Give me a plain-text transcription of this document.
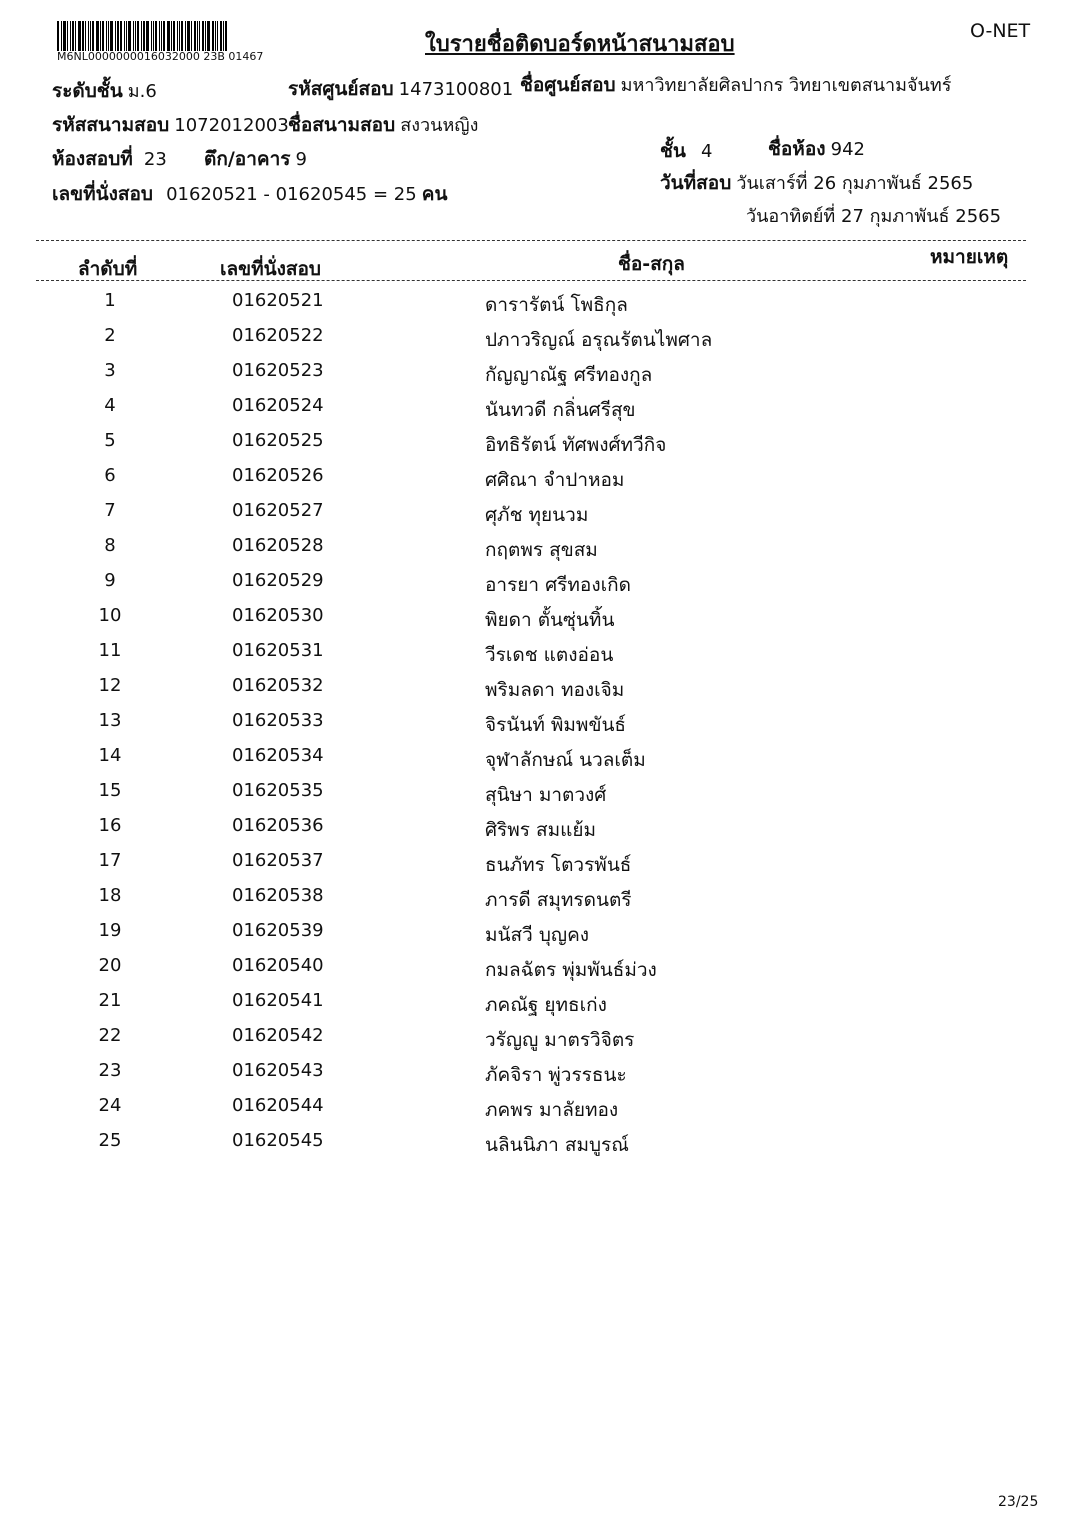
M6NL0000000016032000 23B 01467
O-NET
ใบรายชื่อติดบอร์ดหน้าสนามสอบ
ระดับชั้น ม.6	รหัสศูนย์สอบ 1473100801 ชื่อศูนย์สอบ มหาวิทยาลัยศิลปากร วิทยาเขตสนามจันทร์
รหัสสนามสอบ 1072012003 ชื่อสนามสอบ สงวนหญิง
ห้องสอบที่ 23 ตึก/อาคาร 9	ชั้น 4	ชื่อห้อง 942
เลขที่นั่งสอบ 01620521 - 01620545 = 25 คน	วันที่สอบ วันเสาร์ที่ 26 กุมภาพันธ์ 2565
วันอาทิตย์ที่ 27 กุมภาพันธ์ 2565
ลำดับที่	เลขที่นั่งสอบ	ชื่อ-สกุล	หมายเหตุ
1	01620521	ดารารัตน์ โพธิกุล
2	01620522	ปภาวริญณ์ อรุณรัตนไพศาล
3	01620523	กัญญาณัฐ ศรีทองกูล
4	01620524	นันทวดี กลิ่นศรีสุข
5	01620525	อิทธิรัตน์ ทัศพงศ์ทวีกิจ
6	01620526	ศศิณา จำปาหอม
7	01620527	ศุภัช ทุยนวม
8	01620528	กฤตพร สุขสม
9	01620529	อารยา ศรีทองเกิด
10	01620530	พิยดา ตั้นซุ่นทิ้น
11	01620531	วีรเดช แตงอ่อน
12	01620532	พริมลดา ทองเจิม
13	01620533	จิรนันท์ พิมพขันธ์
14	01620534	จุฬาลักษณ์ นวลเต็ม
15	01620535	สุนิษา มาตวงศ์
16	01620536	ศิริพร สมแย้ม
17	01620537	ธนภัทร โตวรพันธ์
18	01620538	ภารดี สมุทรดนตรี
19	01620539	มนัสวี บุญคง
20	01620540	กมลฉัตร พุ่มพันธ์ม่วง
21	01620541	ภคณัฐ ยุทธเก่ง
22	01620542	วรัญญู มาตรวิจิตร
23	01620543	ภัคจิรา พู่วรรธนะ
24	01620544	ภคพร มาลัยทอง
25	01620545	นลินนิภา สมบูรณ์
23/25
